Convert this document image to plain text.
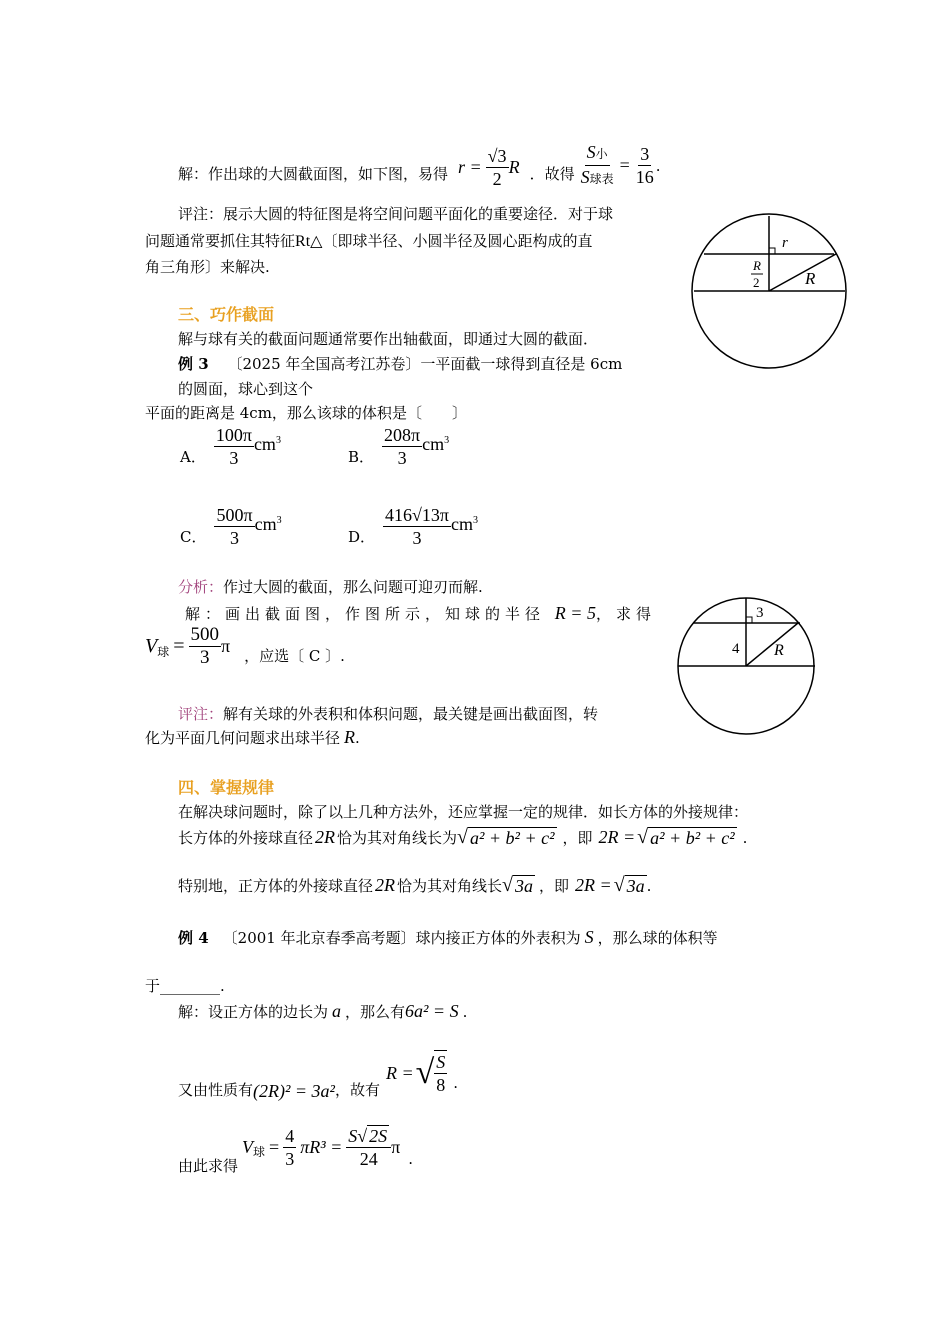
解：作出球的大圆截面图，如下图，易得 $r = \frac{√3}{2}$ R ．故得 $\frac{\text{S小}}{\text{S球表}} = \frac{3}{16}$ .
评注：展示大圆的特征图是将空间问题平面化的重要途径．对于球
问题通常要抓住其特征Rt△〔即球半径、小圆半径及圆心距构成的直
角三角形〕来解决.
r
R
2	R
三、巧作截面
解与球有关的截面问题通常要作出轴截面，即通过大圆的截面．
例 3 〔2025 年全国高考江苏卷〕一平面截一球得到直径是 6cm
的圆面，球心到这个
平面的距离是 4cm，那么该球的体积是〔　　〕
A． $\frac{100\pi}{3} cm^3$
B． $\frac{208\pi}{3} cm^3$
C． $\frac{500\pi}{3} cm^3$
D． $\frac{416√13\pi}{3} cm^3$
分析：作过大圆的截面，那么问题可迎刃而解.
解：画出截面图，作图所示，知球的半径 R = 5，求得
V 球 = $\frac{500}{3}$ π ，应选〔 C 〕.
3
4 R
评注：解有关球的外表积和体积问题，最关键是画出截面图，转
化为平面几何问题求出球半径 R.
四、掌握规律
在解决球问题时，除了以上几种方法外，还应掌握一定的规律．如长方体的外接规律：
长方体的外接球直径 2R 恰为其对角线长为 √ a² + b² + c² ，即 2R = √ a² + b² + c² .
特别地，正方体的外接球直径 2R 恰为其对角线长 √ 3a ，即 2R = √ 3a .
例 4 〔2001 年北京春季高考题〕球内接正方体的外表积为 S ，那么球的体积等
于________.
解：设正方体的边长为 a ，那么有 6a² = S .
又由性质有 (2R)² = 3a² ，故有
R = √ $\frac{S}{8}$ .
由此求得
V 球 = $\frac{4}{3} \pi R^3 = \frac{S√ 2S}{24}$ π
.
